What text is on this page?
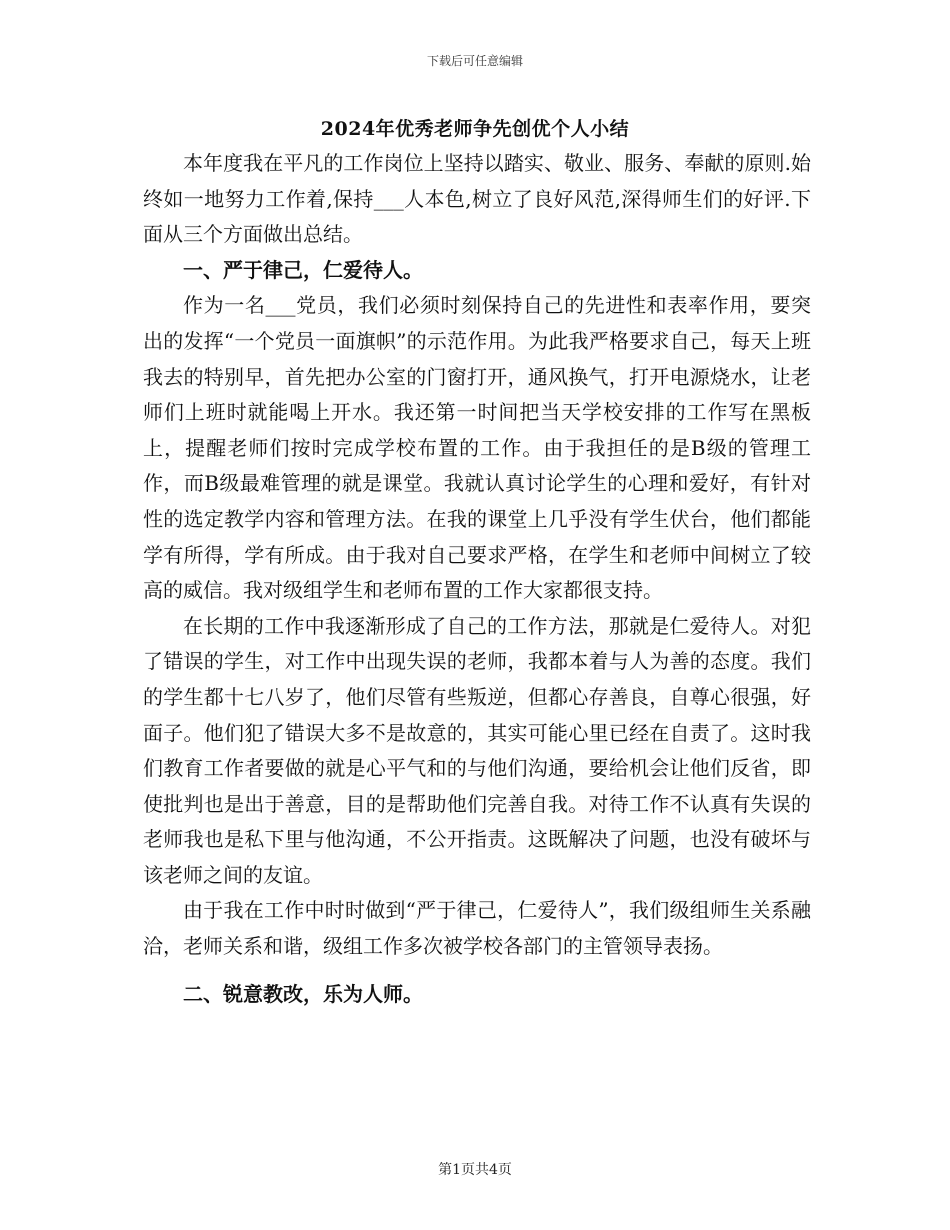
下载后可任意编辑
2024年优秀老师争先创优个人小结

本年度我在平凡的工作岗位上坚持以踏实、敬业、服务、奉献的原则.始终如一地努力工作着,保持___人本色,树立了良好风范,深得师生们的好评.下面从三个方面做出总结。

一、严于律己，仁爱待人。

作为一名___党员，我们必须时刻保持自己的先进性和表率作用，要突出的发挥“一个党员一面旗帜”的示范作用。为此我严格要求自己，每天上班我去的特别早，首先把办公室的门窗打开，通风换气，打开电源烧水，让老师们上班时就能喝上开水。我还第一时间把当天学校安排的工作写在黑板上，提醒老师们按时完成学校布置的工作。由于我担任的是B级的管理工作，而B级最难管理的就是课堂。我就认真讨论学生的心理和爱好，有针对性的选定教学内容和管理方法。在我的课堂上几乎没有学生伏台，他们都能学有所得，学有所成。由于我对自己要求严格，在学生和老师中间树立了较高的威信。我对级组学生和老师布置的工作大家都很支持。

在长期的工作中我逐渐形成了自己的工作方法，那就是仁爱待人。对犯了错误的学生，对工作中出现失误的老师，我都本着与人为善的态度。我们的学生都十七八岁了，他们尽管有些叛逆，但都心存善良，自尊心很强，好面子。他们犯了错误大多不是故意的，其实可能心里已经在自责了。这时我们教育工作者要做的就是心平气和的与他们沟通，要给机会让他们反省，即使批判也是出于善意，目的是帮助他们完善自我。对待工作不认真有失误的老师我也是私下里与他沟通，不公开指责。这既解决了问题，也没有破坏与该老师之间的友谊。

由于我在工作中时时做到“严于律己，仁爱待人”，我们级组师生关系融洽，老师关系和谐，级组工作多次被学校各部门的主管领导表扬。

二、锐意教改，乐为人师。

第1页共4页
